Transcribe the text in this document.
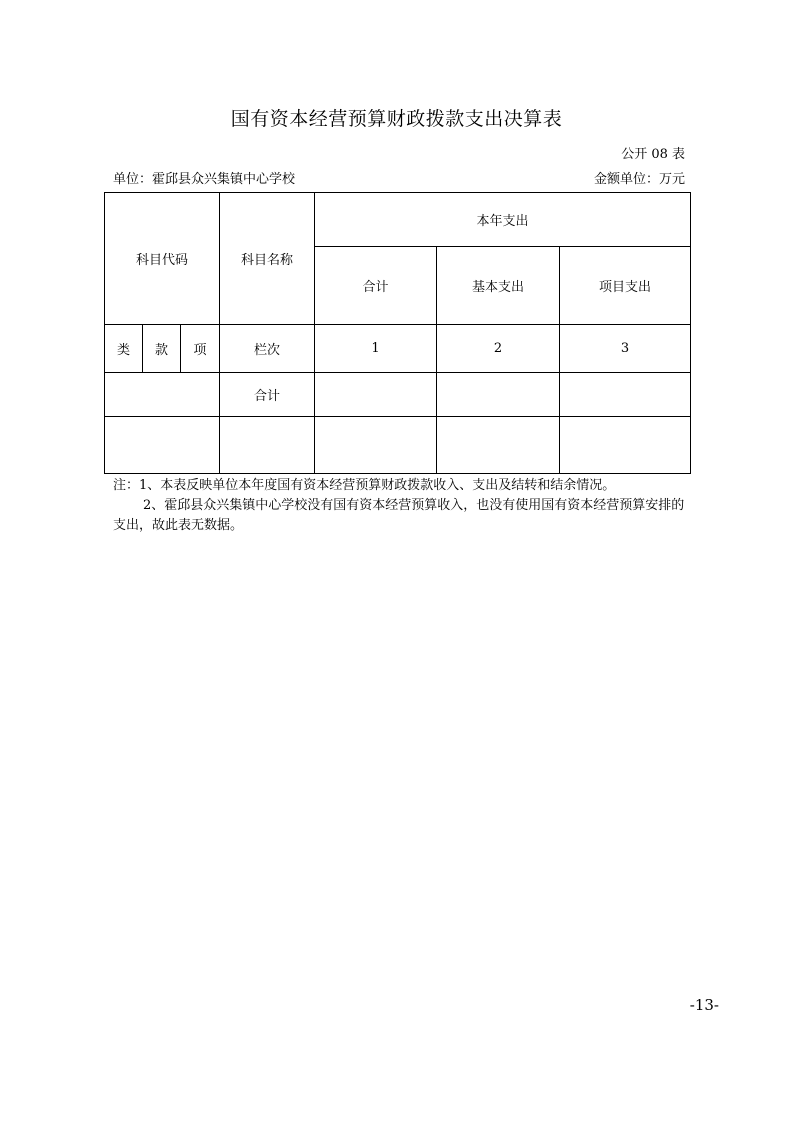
国有资本经营预算财政拨款支出决算表
公开 08 表
单位：霍邱县众兴集镇中心学校	金额单位：万元
科目代码			科目名称	本年支出		
				合计	基本支出	项目支出
类	款	项	栏次	1	2	3
			合计			

注：1、本表反映单位本年度国有资本经营预算财政拨款收入、支出及结转和结余情况。

2、霍邱县众兴集镇中心学校没有国有资本经营预算收入，也没有使用国有资本经营预算安排的支出，故此表无数据。

-13-
